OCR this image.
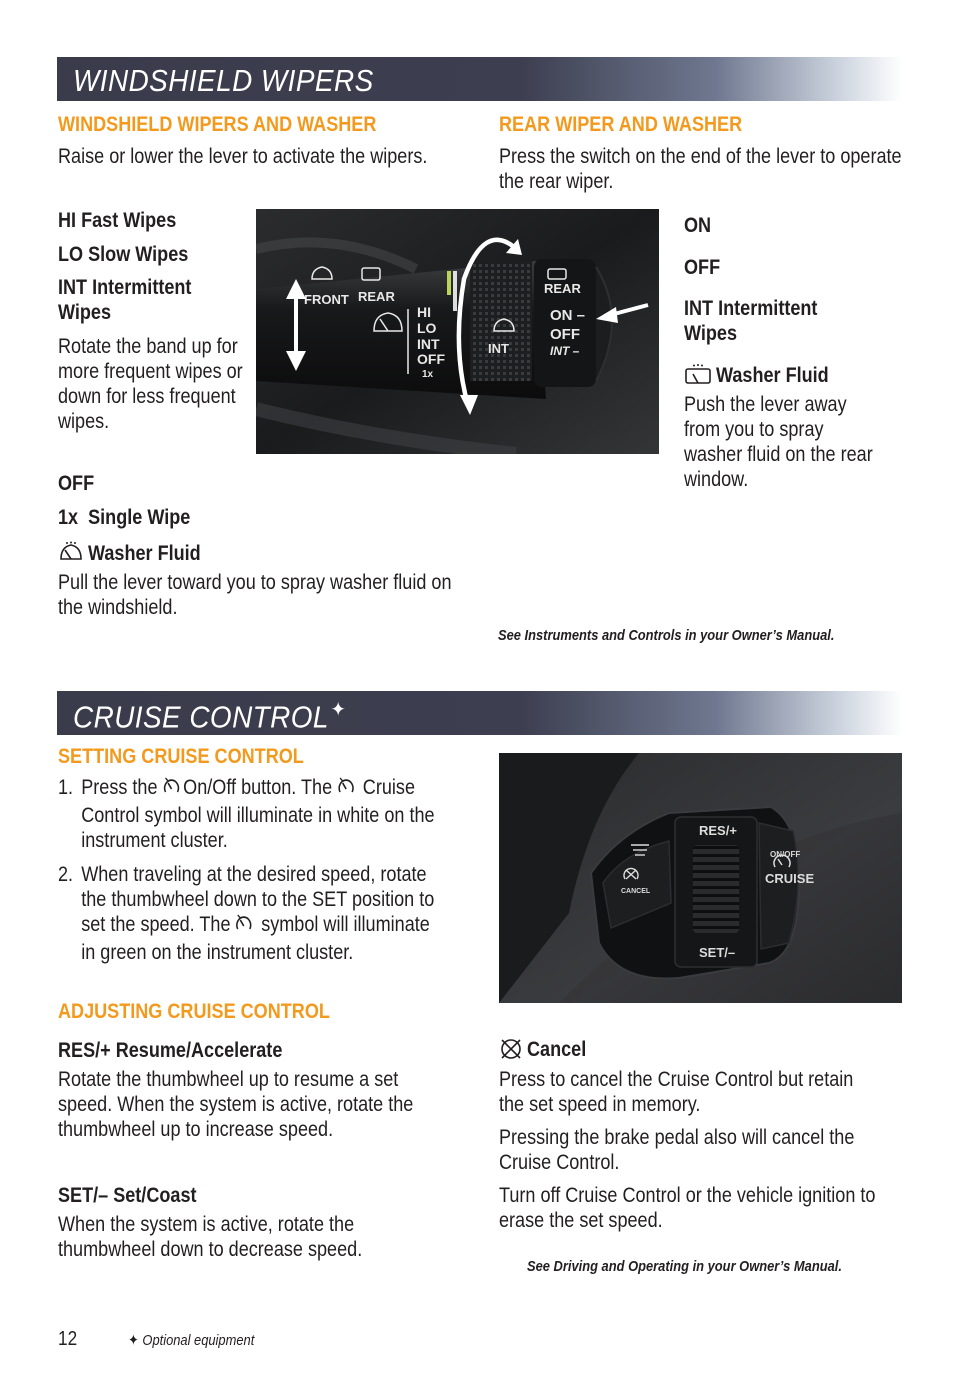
WINDSHIELD WIPERS
WINDSHIELD WIPERS AND WASHER
Raise or lower the lever to activate the wipers.
HI Fast Wipes
LO Slow Wipes
INT Intermittent Wipes
Rotate the band up for more frequent wipes or down for less frequent wipes.
OFF
1x  Single Wipe
Washer Fluid
Pull the lever toward you to spray washer fluid on the windshield.
REAR WIPER AND WASHER
Press the switch on the end of the lever to operate the rear wiper.
ON
OFF
INT Intermittent Wipes
Washer Fluid
Push the lever away from you to spray washer fluid on the rear window.
FRONT REAR
HI
LO
INT
OFF
1x
INT
REAR
ON –
OFF
INT –
See Instruments and Controls in your Owner’s Manual.
CRUISE CONTROL✦
SETTING CRUISE CONTROL
1. Press the On/Off button. The Cruise Control symbol will illuminate in white on the instrument cluster.
2. When traveling at the desired speed, rotate the thumbwheel down to the SET position to set the speed. The symbol will illuminate in green on the instrument cluster.
ADJUSTING CRUISE CONTROL
RES/+ Resume/Accelerate
Rotate the thumbwheel up to resume a set speed. When the system is active, rotate the thumbwheel up to increase speed.
SET/– Set/Coast
When the system is active, rotate the thumbwheel down to decrease speed.
RES/+
SET/–
ON/OFF
CRUISE
CANCEL
Cancel
Press to cancel the Cruise Control but retain the set speed in memory.
Pressing the brake pedal also will cancel the Cruise Control.
Turn off Cruise Control or the vehicle ignition to erase the set speed.
See Driving and Operating in your Owner’s Manual.
12	✦ Optional equipment
